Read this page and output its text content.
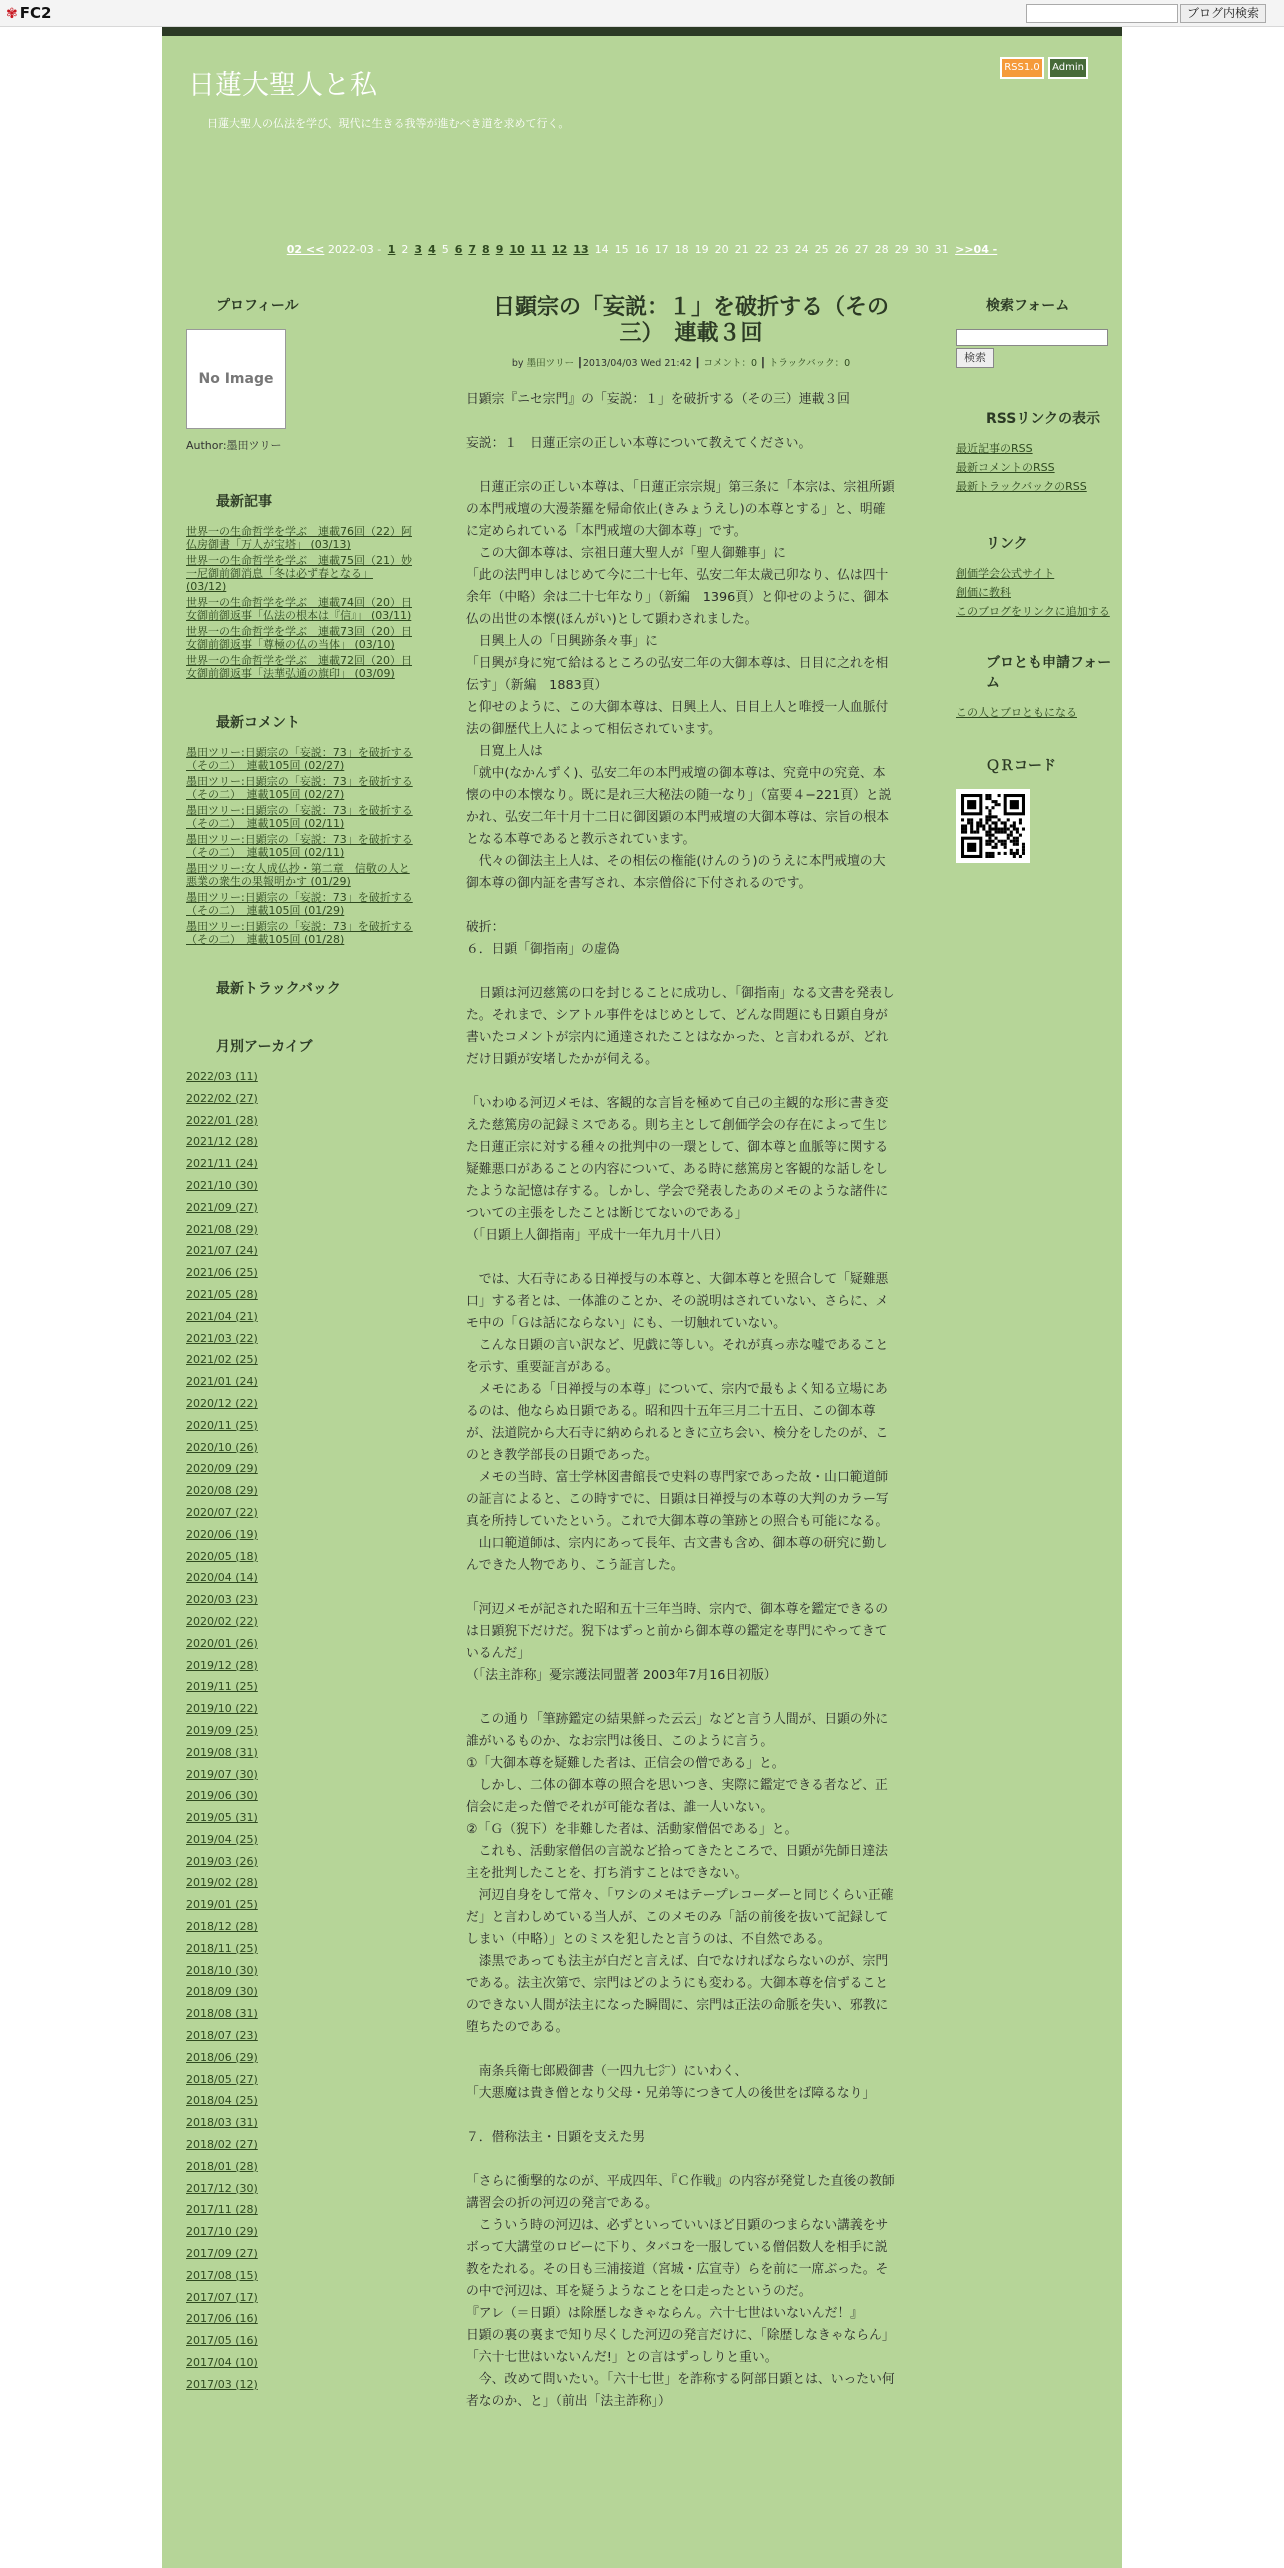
✾ FC2	ブログ内検索
日蓮大聖人と私
日蓮大聖人の仏法を学び、現代に生きる我等が進むべき道を求めて行く。
RSS1.0	Admin
02 << 2022-03 - 1 2 3 4 5 6 7 8 9 10 11 12 13 14 15 16 17 18 19 20 21 22 23 24 25 26 27 28 29 30 31 >>04 -
プロフィール
No Image
Author:墨田ツリー
最新記事
世界一の生命哲学を学ぶ　連載76回（22）阿仏房御書「万人が宝塔」 (03/13)
世界一の生命哲学を学ぶ　連載75回（21）妙一尼御前御消息「冬は必ず春となる」 (03/12)
世界一の生命哲学を学ぶ　連載74回（20）日女御前御返事「仏法の根本は『信』」 (03/11)
世界一の生命哲学を学ぶ　連載73回（20）日女御前御返事「尊極の仏の当体」 (03/10)
世界一の生命哲学を学ぶ　連載72回（20）日女御前御返事「法華弘通の旗印」 (03/09)
最新コメント
墨田ツリー:日顕宗の「妄説：73」を破折する（その二）　連載105回 (02/27)
墨田ツリー:日顕宗の「妄説：73」を破折する（その二）　連載105回 (02/27)
墨田ツリー:日顕宗の「妄説：73」を破折する（その二）　連載105回 (02/11)
墨田ツリー:日顕宗の「妄説：73」を破折する（その二）　連載105回 (02/11)
墨田ツリー:女人成仏抄・第二章　信敬の人と悪業の衆生の果報明かす (01/29)
墨田ツリー:日顕宗の「妄説：73」を破折する（その二）　連載105回 (01/29)
墨田ツリー:日顕宗の「妄説：73」を破折する（その二）　連載105回 (01/28)
最新トラックバック
月別アーカイブ
2022/03 (11)
2022/02 (27)
2022/01 (28)
2021/12 (28)
2021/11 (24)
2021/10 (30)
2021/09 (27)
2021/08 (29)
2021/07 (24)
2021/06 (25)
2021/05 (28)
2021/04 (21)
2021/03 (22)
2021/02 (25)
2021/01 (24)
2020/12 (22)
2020/11 (25)
2020/10 (26)
2020/09 (29)
2020/08 (29)
2020/07 (22)
2020/06 (19)
2020/05 (18)
2020/04 (14)
2020/03 (23)
2020/02 (22)
2020/01 (26)
2019/12 (28)
2019/11 (25)
2019/10 (22)
2019/09 (25)
2019/08 (31)
2019/07 (30)
2019/06 (30)
2019/05 (31)
2019/04 (25)
2019/03 (26)
2019/02 (28)
2019/01 (25)
2018/12 (28)
2018/11 (25)
2018/10 (30)
2018/09 (30)
2018/08 (31)
2018/07 (23)
2018/06 (29)
2018/05 (27)
2018/04 (25)
2018/03 (31)
2018/02 (27)
2018/01 (28)
2017/12 (30)
2017/11 (28)
2017/10 (29)
2017/09 (27)
2017/08 (15)
2017/07 (17)
2017/06 (16)
2017/05 (16)
2017/04 (10)
2017/03 (12)
日顕宗の「妄説：１」を破折する（その三）　連載３回
by 墨田ツリー ┃2013/04/03 Wed 21:42 ┃ コメント：0 ┃ トラックバック：0

日顕宗『ニセ宗門』の「妄説：１」を破折する（その三）連載３回

妄説：１　日蓮正宗の正しい本尊について教えてください。

　日蓮正宗の正しい本尊は、「日蓮正宗宗規」第三条に「本宗は、宗祖所顕の本門戒壇の大漫荼羅を帰命依止(きみょうえし)の本尊とする」と、明確に定められている「本門戒壇の大御本尊」です。

　この大御本尊は、宗祖日蓮大聖人が「聖人御難事」に

「此の法門申しはじめて今に二十七年、弘安二年太歳己卯なり、仏は四十余年（中略）余は二十七年なり」（新編　1396頁）と仰せのように、御本仏の出世の本懐(ほんがい)として顕わされました。

　日興上人の「日興跡条々事」に

「日興が身に宛て給はるところの弘安二年の大御本尊は、日目に之れを相伝す」（新編　1883頁）

と仰せのように、この大御本尊は、日興上人、日目上人と唯授一人血脈付法の御歴代上人によって相伝されています。

　日寛上人は

「就中(なかんずく)、弘安二年の本門戒壇の御本尊は、究竟中の究竟、本懐の中の本懐なり。既に是れ三大秘法の随一なり」（富要４−221頁）と説かれ、弘安二年十月十二日に御図顕の本門戒壇の大御本尊は、宗旨の根本となる本尊であると教示されています。

　代々の御法主上人は、その相伝の権能(けんのう)のうえに本門戒壇の大御本尊の御内証を書写され、本宗僧俗に下付されるのです。

破折：

６．日顕「御指南」の虚偽

　日顕は河辺慈篤の口を封じることに成功し、「御指南」なる文書を発表した。それまで、シアトル事件をはじめとして、どんな問題にも日顕自身が書いたコメントが宗内に通達されたことはなかった、と言われるが、どれだけ日顕が安堵したかが伺える。

「いわゆる河辺メモは、客観的な言旨を極めて自己の主観的な形に書き変えた慈篤房の記録ミスである。則ち主として創価学会の存在によって生じた日蓮正宗に対する種々の批判中の一環として、御本尊と血脈等に関する疑難悪口があることの内容について、ある時に慈篤房と客観的な話しをしたような記憶は存する。しかし、学会で発表したあのメモのような諸件についての主張をしたことは断じてないのである」

（「日顕上人御指南」平成十一年九月十八日）

　では、大石寺にある日禅授与の本尊と、大御本尊とを照合して「疑難悪口」する者とは、一体誰のことか、その説明はされていない、さらに、メモ中の「Ｇは話にならない」にも、一切触れていない。

　こんな日顕の言い訳など、児戯に等しい。それが真っ赤な嘘であることを示す、重要証言がある。

　メモにある「日禅授与の本尊」について、宗内で最もよく知る立場にあるのは、他ならぬ日顕である。昭和四十五年三月二十五日、この御本尊が、法道院から大石寺に納められるときに立ち会い、検分をしたのが、このとき教学部長の日顕であった。

　メモの当時、富士学林図書館長で史料の専門家であった故・山口範道師の証言によると、この時すでに、日顕は日禅授与の本尊の大判のカラー写真を所持していたという。これで大御本尊の筆跡との照合も可能になる。

　山口範道師は、宗内にあって長年、古文書も含め、御本尊の研究に勤しんできた人物であり、こう証言した。

「河辺メモが記された昭和五十三年当時、宗内で、御本尊を鑑定できるのは日顕猊下だけだ。猊下はずっと前から御本尊の鑑定を専門にやってきているんだ」

（「法主詐称」憂宗護法同盟著 2003年7月16日初版）

　この通り「筆跡鑑定の結果鮮った云云」などと言う人間が、日顕の外に誰がいるものか、なお宗門は後日、このように言う。

①「大御本尊を疑難した者は、正信会の僧である」と。

　しかし、二体の御本尊の照合を思いつき、実際に鑑定できる者など、正信会に走った僧でそれが可能な者は、誰一人いない。

②「Ｇ（猊下）を非難した者は、活動家僧侶である」と。

　これも、活動家僧侶の言説など拾ってきたところで、日顕が先師日達法主を批判したことを、打ち消すことはできない。

　河辺自身をして常々、「ワシのメモはテープレコーダーと同じくらい正確だ」と言わしめている当人が、このメモのみ「話の前後を抜いて記録してしまい（中略）」とのミスを犯したと言うのは、不自然である。

　漆黒であっても法主が白だと言えば、白でなければならないのが、宗門である。法主次第で、宗門はどのようにも変わる。大御本尊を信ずることのできない人間が法主になった瞬間に、宗門は正法の命脈を失い、邪教に堕ちたのである。

　南条兵衛七郎殿御書（一四九七㌻）にいわく、

「大悪魔は貴き僧となり父母・兄弟等につきて人の後世をば障るなり」

７．僣称法主・日顕を支えた男

「さらに衝撃的なのが、平成四年、『Ｃ作戦』の内容が発覚した直後の教師講習会の折の河辺の発言である。

　こういう時の河辺は、必ずといっていいほど日顕のつまらない講義をサボって大講堂のロビーに下り、タバコを一服している僧侶数人を相手に説教をたれる。その日も三浦接道（宮城・広宣寺）らを前に一席ぶった。その中で河辺は、耳を疑うようなことを口走ったというのだ。

『アレ（＝日顕）は除歴しなきゃならん。六十七世はいないんだ！』

日顕の裏の裏まで知り尽くした河辺の発言だけに、「除歴しなきゃならん」「六十七世はいないんだ!」との言はずっしりと重い。

　今、改めて問いたい。「六十七世」を詐称する阿部日顕とは、いったい何者なのか、と」（前出「法主詐称」）

検索フォーム
検索
RSSリンクの表示
最近記事のRSS
最新コメントのRSS
最新トラックバックのRSS
リンク
創価学会公式サイト
創価に教科
このブログをリンクに追加する
ブロとも申請フォーム
この人とブロともになる
ＱＲコード
